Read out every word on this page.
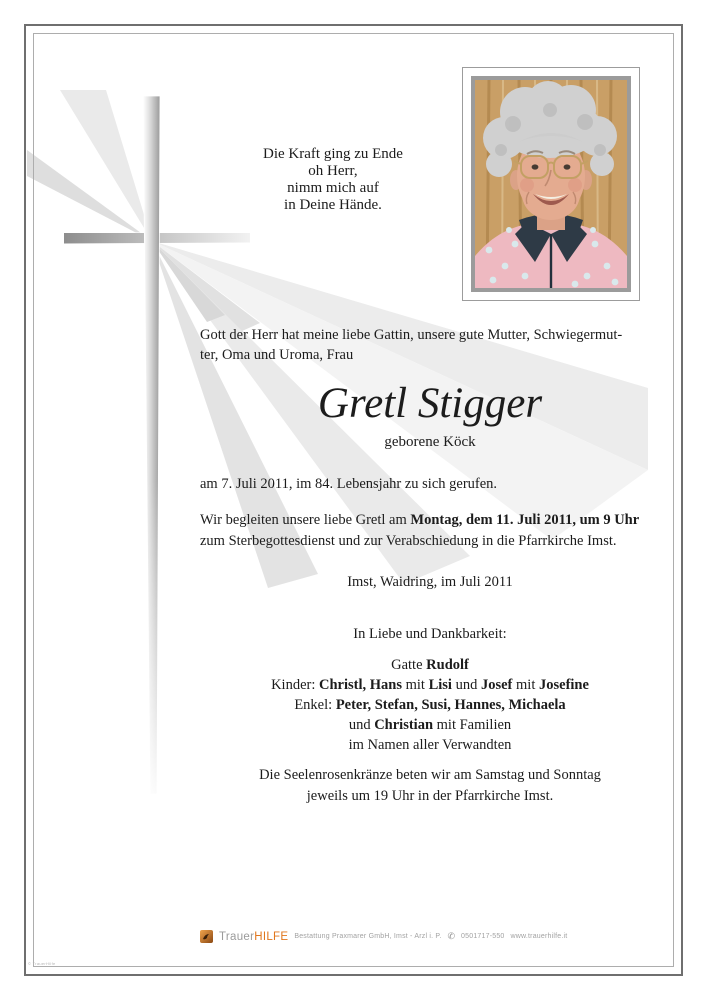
Die Kraft ging zu Ende
oh Herr,
nimm mich auf
in Deine Hände.
Gott der Herr hat meine liebe Gattin, unsere gute Mutter, Schwiegermut-
ter, Oma und Uroma, Frau
Gretl Stigger
geborene Köck
am 7. Juli 2011, im 84. Lebensjahr zu sich gerufen.
Wir begleiten unsere liebe Gretl am Montag, dem 11. Juli 2011, um 9 Uhr
zum Sterbegottesdienst und zur Verabschiedung in die Pfarrkirche Imst.
Imst, Waidring, im Juli 2011
In Liebe und Dankbarkeit:
Gatte Rudolf
Kinder: Christl, Hans mit Lisi und Josef mit Josefine
Enkel: Peter, Stefan, Susi, Hannes, Michaela
und Christian mit Familien
im Namen aller Verwandten
Die Seelenrosenkränze beten wir am Samstag und Sonntag
jeweils um 19 Uhr in der Pfarrkirche Imst.
TrauerHILFE Bestattung Praxmarer GmbH, Imst - Arzl i. P. ✆ 0501717-550 www.trauerhilfe.it
© TrauerHilfe
